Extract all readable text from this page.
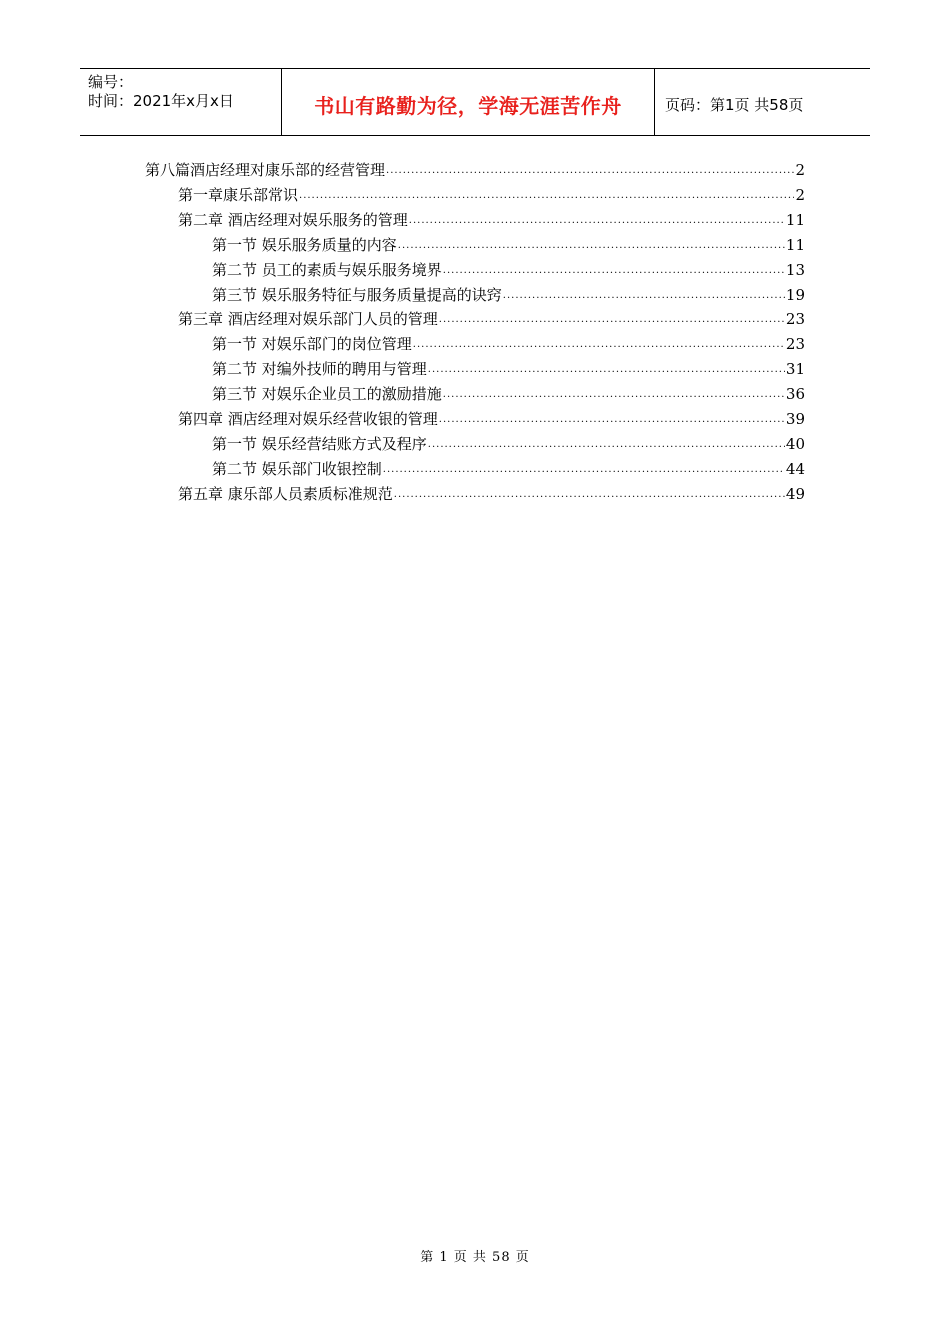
编号：
时间：2021年x月x日	书山有路勤为径，学海无涯苦作舟	页码：第1页 共58页
第八篇酒店经理对康乐部的经营管理 .....	2
第一章康乐部常识 .....	2
第二章 酒店经理对娱乐服务的管理 .....	11
第一节 娱乐服务质量的内容 .....	11
第二节 员工的素质与娱乐服务境界 .....	13
第三节 娱乐服务特征与服务质量提高的诀窍 .....	19
第三章 酒店经理对娱乐部门人员的管理 .....	23
第一节 对娱乐部门的岗位管理 .....	23
第二节 对编外技师的聘用与管理 .....	31
第三节 对娱乐企业员工的激励措施 .....	36
第四章 酒店经理对娱乐经营收银的管理 .....	39
第一节 娱乐经营结账方式及程序 .....	40
第二节 娱乐部门收银控制 .....	44
第五章 康乐部人员素质标准规范 .....	49
第 1 页 共 58 页
